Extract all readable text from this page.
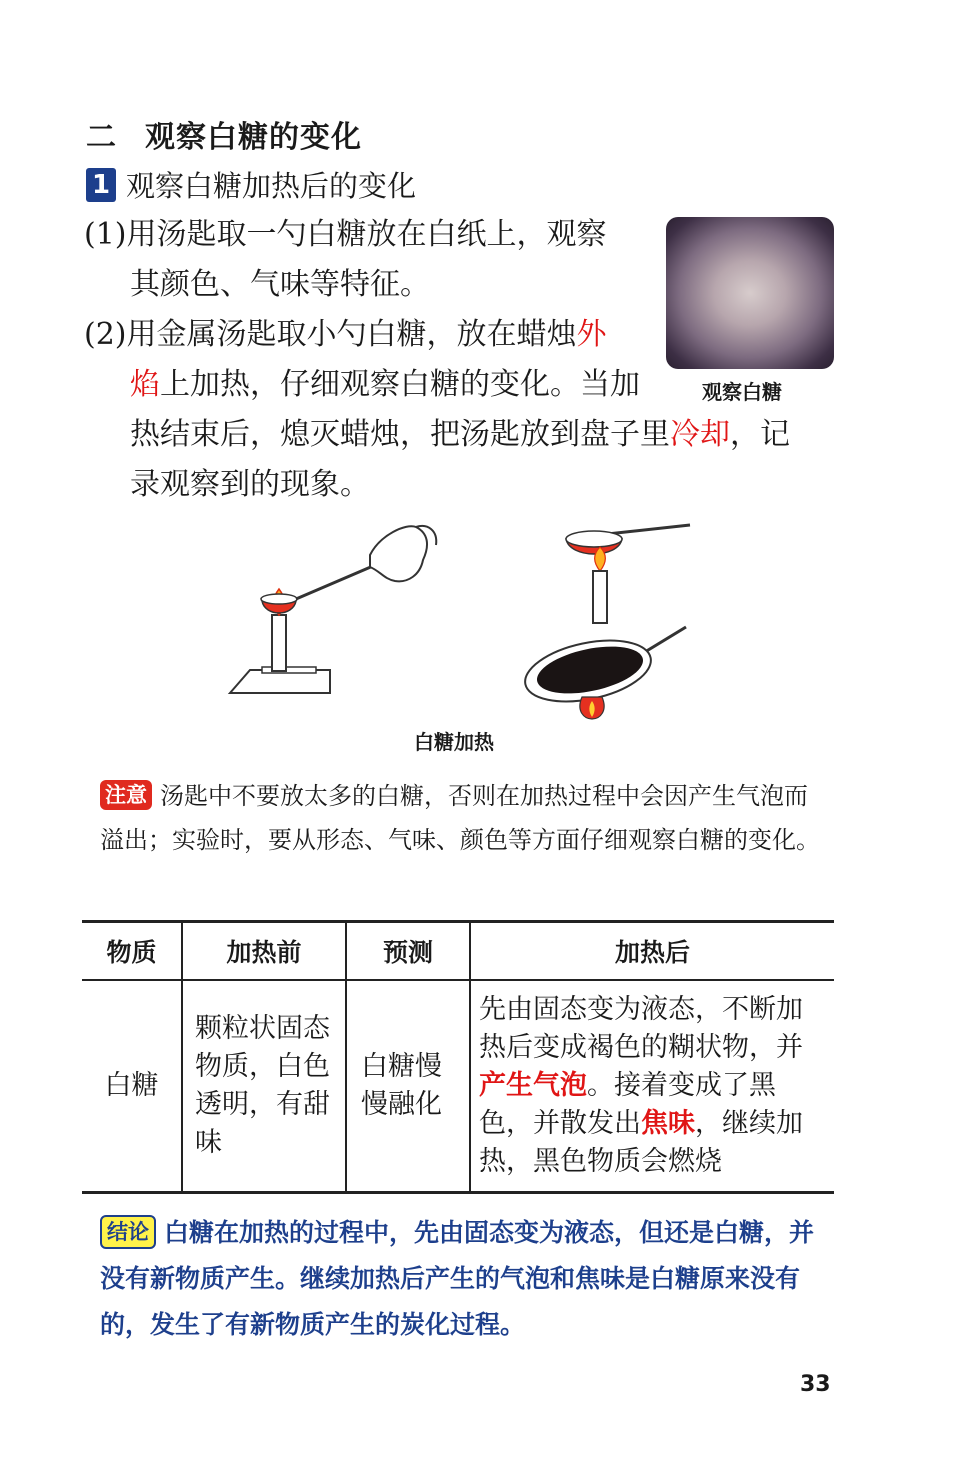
二 观察白糖的变化
1 观察白糖加热后的变化
(1)用汤匙取一勺白糖放在白纸上，观察
其颜色、气味等特征。
(2)用金属汤匙取小勺白糖，放在蜡烛外
焰上加热，仔细观察白糖的变化。当加
热结束后，熄灭蜡烛，把汤匙放到盘子里冷却，记
录观察到的现象。
观察白糖
白糖加热
注意 汤匙中不要放太多的白糖，否则在加热过程中会因产生气泡而溢出；实验时，要从形态、气味、颜色等方面仔细观察白糖的变化。
物质	加热前	预测	加热后
白糖	颗粒状固态物质，白色透明，有甜味	白糖慢慢融化	先由固态变为液态，不断加热后变成褐色的糊状物，并产生气泡。接着变成了黑色，并散发出焦味，继续加热，黑色物质会燃烧
结论 白糖在加热的过程中，先由固态变为液态，但还是白糖，并没有新物质产生。继续加热后产生的气泡和焦味是白糖原来没有的，发生了有新物质产生的炭化过程。
33
